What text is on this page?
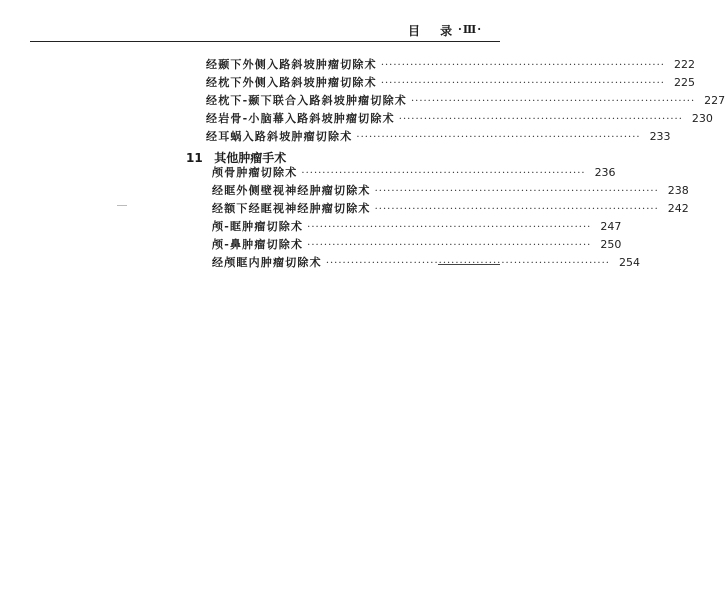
目 录
·Ⅲ·
经颞下外侧入路斜坡肿瘤切除术 ···································································· 222
经枕下外侧入路斜坡肿瘤切除术 ···································································· 225
经枕下-颞下联合入路斜坡肿瘤切除术 ···································································· 227
经岩骨-小脑幕入路斜坡肿瘤切除术 ···································································· 230
经耳蜗入路斜坡肿瘤切除术 ···································································· 233
11 其他肿瘤手术
颅骨肿瘤切除术 ···································································· 236
经眶外侧壁视神经肿瘤切除术 ···································································· 238
经额下经眶视神经肿瘤切除术 ···································································· 242
颅-眶肿瘤切除术 ···································································· 247
颅-鼻肿瘤切除术 ···································································· 250
经颅眶内肿瘤切除术 ···································································· 254
